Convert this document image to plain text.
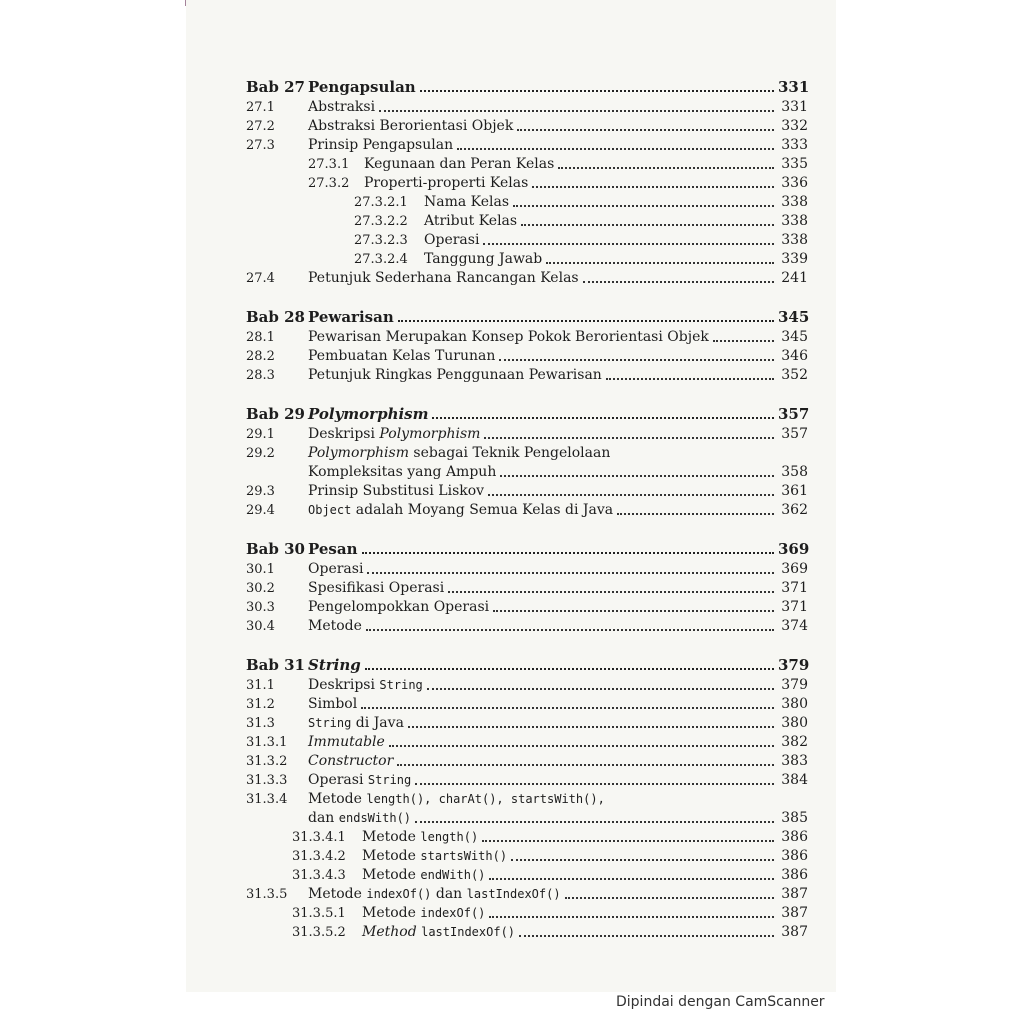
Bab 27 Pengapsulan	331
27.1	Abstraksi	331
27.2	Abstraksi Berorientasi Objek	332
27.3	Prinsip Pengapsulan	333
27.3.1	Kegunaan dan Peran Kelas	335
27.3.2	Properti-properti Kelas	336
27.3.2.1	Nama Kelas	338
27.3.2.2	Atribut Kelas	338
27.3.2.3	Operasi	338
27.3.2.4	Tanggung Jawab	339
27.4	Petunjuk Sederhana Rancangan Kelas	241
Bab 28 Pewarisan	345
28.1	Pewarisan Merupakan Konsep Pokok Berorientasi Objek	345
28.2	Pembuatan Kelas Turunan	346
28.3	Petunjuk Ringkas Penggunaan Pewarisan	352
Bab 29 Polymorphism	357
29.1	Deskripsi Polymorphism	357
29.2	Polymorphism sebagai Teknik Pengelolaan
Kompleksitas yang Ampuh	358
29.3	Prinsip Substitusi Liskov	361
29.4	Object adalah Moyang Semua Kelas di Java	362
Bab 30 Pesan	369
30.1	Operasi	369
30.2	Spesifikasi Operasi	371
30.3	Pengelompokkan Operasi	371
30.4	Metode	374
Bab 31 String	379
31.1	Deskripsi String	379
31.2	Simbol	380
31.3	String di Java	380
31.3.1	Immutable	382
31.3.2	Constructor	383
31.3.3	Operasi String	384
31.3.4	Metode length(), charAt(), startsWith(),
dan endsWith()	385
31.3.4.1	Metode length()	386
31.3.4.2	Metode startsWith()	386
31.3.4.3	Metode endWith()	386
31.3.5	Metode indexOf() dan lastIndexOf()	387
31.3.5.1	Metode indexOf()	387
31.3.5.2	Method lastIndexOf()	387
Dipindai dengan CamScanner
